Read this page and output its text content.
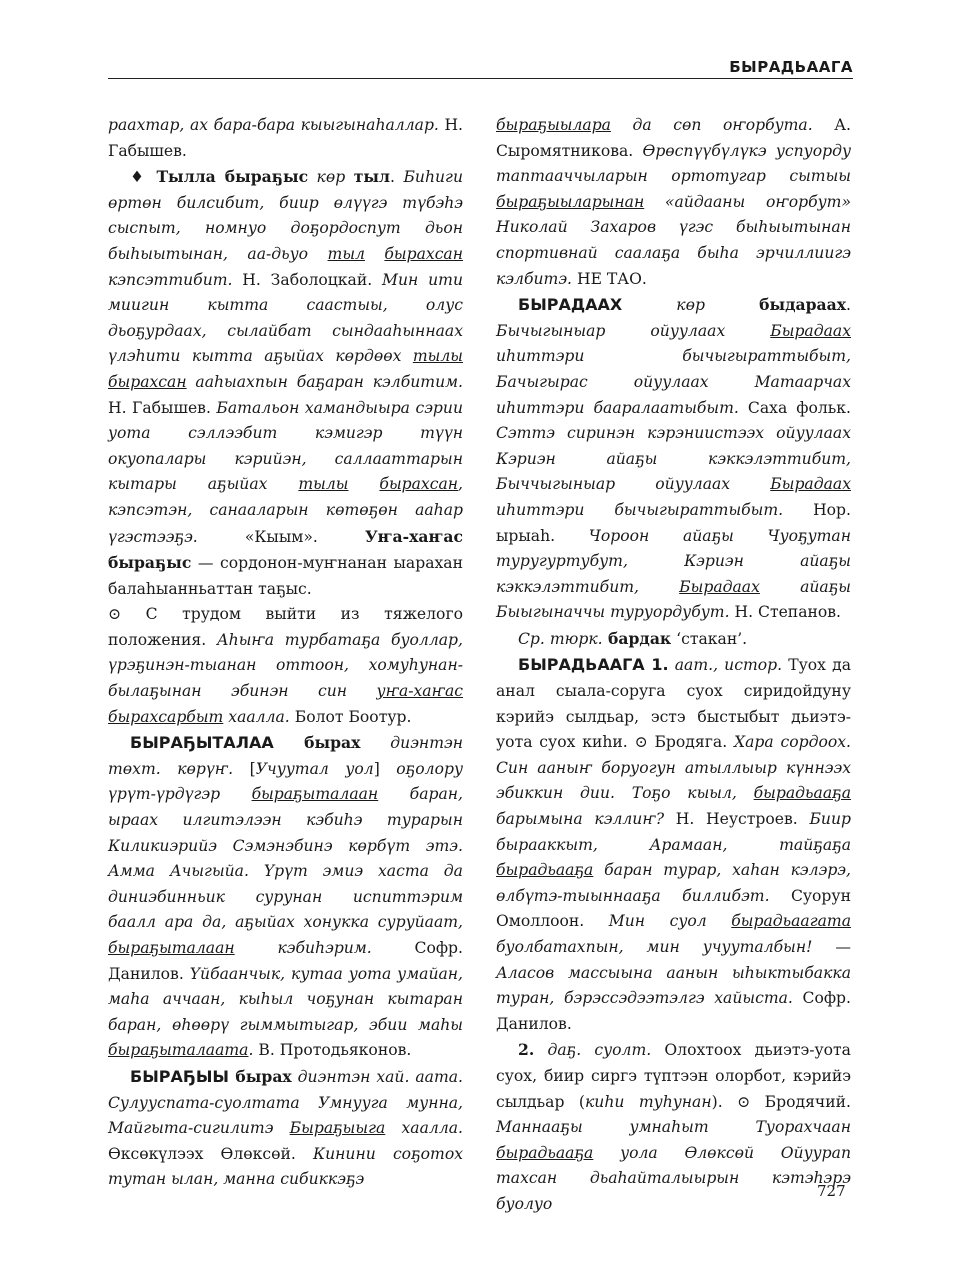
БЫРАДЬААГА

раахтар, ах бара-бара кыыгынаһаллар. Н. Габышев.

♦ Тылла быраҕыс көр тыл. Биһиги өртөн билсибит, биир өлүүгэ түбэһэ сыспыт, номнуо доҕордоспут дьон быһыытынан, аа-дьуо тыл бырахсан кэпсэттибит. Н. Заболоцкай. Мин ити миигин кытта саастыы, олус дьоҕурдаах, сылайбат сындааһыннаах үлэһити кытта аҕыйах көрдөөх тылы бырахсан ааһыахпын баҕаран кэлбитим. Н. Габышев. Батальон хамандыыра сэрии уота сэллээбит кэмигэр түүн окуопалары кэрийэн, саллааттарын кытары аҕыйах тылы бырахсан, кэпсэтэн, санааларын көтөҕөн ааһар үгэстээҕэ. «Кыым». Уҥа-хаҥас быраҕыс — сордонон-муҥнанан ыарахан балаһыанньаттан таҕыс.

⊙ С трудом выйти из тяжелого положения. Аһыҥа турбатаҕа буоллар, үрэҕинэн-тыанан оттоон, хомуһунан-былаҕынан эбинэн син уҥа-хаҥас бырахсарбыт хаалла. Болот Боотур.

БЫРАҔЫТАЛАА бырах диэнтэн төхт. көрүҥ. [Учуутал уол] оҕолору үрүт-үрдүгэр быраҕыталаан баран, ыраах илгитэлээн кэбиһэ турарын Киликиэрийэ Сэмэнэбинэ көрбүт этэ. Амма Ачыгыйа. Үрүт эмиэ хаста да диниэбинньик сурунан испиттэрим баалл ара да, аҕыйах хонукка суруйаат, быраҕыталаан кэбиһэрим. Софр. Данилов. Үйбаанчык, кутаа уота умайан, маһа аччаан, кыһыл чоҕунан кытаран баран, өһөөрү гыммытыгар, эбии маһы быраҕыталаата. В. Протодьяконов.

БЫРАҔЫЫ бырах диэнтэн хай. аата. Сулууспата-суолтата Умнууга мунна, Майгыта-сигилитэ Быраҕыыга хаалла. Өксөкүлээх Өлөксөй. Кинини соҕотох тутан ылан, манна сибиккэҕэ

быраҕыылара да сөп оҥорбута. А. Сыромятникова. Өрөспүүбүлүкэ успуорду таптааччыларын ортотугар сытыы быраҕыыларынан «айдааны оҥорбут» Николай Захаров үгэс быһыытынан спортивнай саалаҕа быһа эрчиллиигэ кэлбитэ. НЕ ТАО.

БЫРАДААХ көр быдараах. Бычыгыныар ойуулаах Бырадаах иһиттэри бычыгыраттыбыт, Бачыгырас ойуулаах Матаарчах иһиттэри бааралаатыбыт. Саха фольк. Сэттэ сиринэн кэрэниистээх ойуулаах Кэриэн айаҕы кэккэлэттибит, Быччыгыныар ойуулаах Бырадаах иһиттэри бычыгыраттыбыт. Нор. ырыаһ. Чороон айаҕы Чуоҕутан туругуртубут, Кэриэн айаҕы кэккэлэттибит, Бырадаах айаҕы Быыгыначчы туруордубут. Н. Степанов.

Ср. тюрк. бардак ‘стакан’.

БЫРАДЬААГА 1. аат., истор. Туох да анал сыала-соруга суох сиридойдуну кэрийэ сылдьар, эстэ быстыбыт дьиэтэ-уота суох киһи. ⊙ Бродяга. Хара сордоох. Син ааныҥ боруогун атыллыыр күннээх эбиккин дии. Тоҕо кыыл, бырадьааҕа барымына кэллиҥ? Н. Неустроев. Биир бырааккыт, Арамаан, тайҕаҕа бырадьааҕа баран турар, хаһан кэлэрэ, өлбүтэ-тыыннааҕа биллибэт. Суорун Омоллоон. Мин суол бырадьаагата буолбатахпын, мин учууталбын! — Аласов массыына аанын ыһыктыбакка туран, бэрэссэдээтэлгэ хайыста. Софр. Данилов.

2. даҕ. суолт. Олохтоох дьиэтэ-уота суох, биир сиргэ түптээн олорбот, кэрийэ сылдьар (киһи туһунан). ⊙ Бродячий. Маннааҕы умнаһыт Туорахчаан бырадьааҕа уола Өлөксөй Ойуурап тахсан дьаһайталыырын кэтэһэрэ буолуо

727
